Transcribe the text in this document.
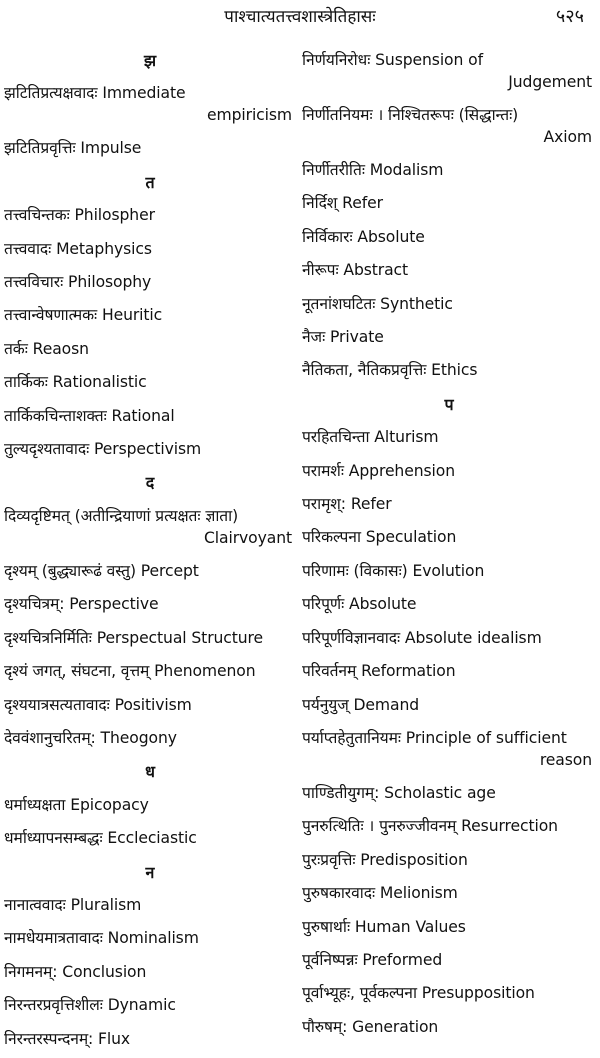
पाश्चात्यतत्त्वशास्त्रेतिहासः	५२५
झ
झटितिप्रत्यक्षवादः Immediate
empiricism
झटितिप्रवृत्तिः Impulse
त
तत्त्वचिन्तकः Philospher
तत्त्ववादः Metaphysics
तत्त्वविचारः Philosophy
तत्त्वान्वेषणात्मकः Heuritic
तर्कः Reaosn
तार्किकः Rationalistic
तार्किकचिन्ताशक्तः Rational
तुल्यदृश्यतावादः Perspectivism
द
दिव्यदृष्टिमत् (अतीन्द्रियाणां प्रत्यक्षतः ज्ञाता)
Clairvoyant
दृश्यम् (बुद्ध्यारूढं वस्तु) Percept
दृश्यचित्रम्: Perspective
दृश्यचित्रनिर्मितिः Perspectual Structure
दृश्यं जगत्, संघटना, वृत्तम् Phenomenon
दृश्ययात्रसत्यतावादः Positivism
देववंशानुचरितम्: Theogony
ध
धर्माध्यक्षता Epicopacy
धर्माध्यापनसम्बद्धः Eccleciastic
न
नानात्ववादः Pluralism
नामधेयमात्रतावादः Nominalism
निगमनम्: Conclusion
निरन्तरप्रवृत्तिशीलः Dynamic
निरन्तरस्पन्दनम्: Flux
निर्णयनिरोधः Suspension of
Judgement
निर्णीतनियमः । निश्चितरूपः (सिद्धान्तः)
Axiom
निर्णीतरीतिः Modalism
निर्दिश् Refer
निर्विकारः Absolute
नीरूपः Abstract
नूतनांशघटितः Synthetic
नैजः Private
नैतिकता, नैतिकप्रवृत्तिः Ethics
प
परहितचिन्ता Alturism
परामर्शः Apprehension
परामृश्: Refer
परिकल्पना Speculation
परिणामः (विकासः) Evolution
परिपूर्णः Absolute
परिपूर्णविज्ञानवादः Absolute idealism
परिवर्तनम् Reformation
पर्यनुयुज् Demand
पर्याप्तहेतुतानियमः Principle of sufficient
reason
पाण्डितीयुगम्: Scholastic age
पुनरुत्थितिः । पुनरुज्जीवनम् Resurrection
पुरःप्रवृत्तिः Predisposition
पुरुषकारवादः Melionism
पुरुषार्थाः Human Values
पूर्वनिष्पन्नः Preformed
पूर्वाभ्यूहः, पूर्वकल्पना Presupposition
पौरुषम्: Generation
